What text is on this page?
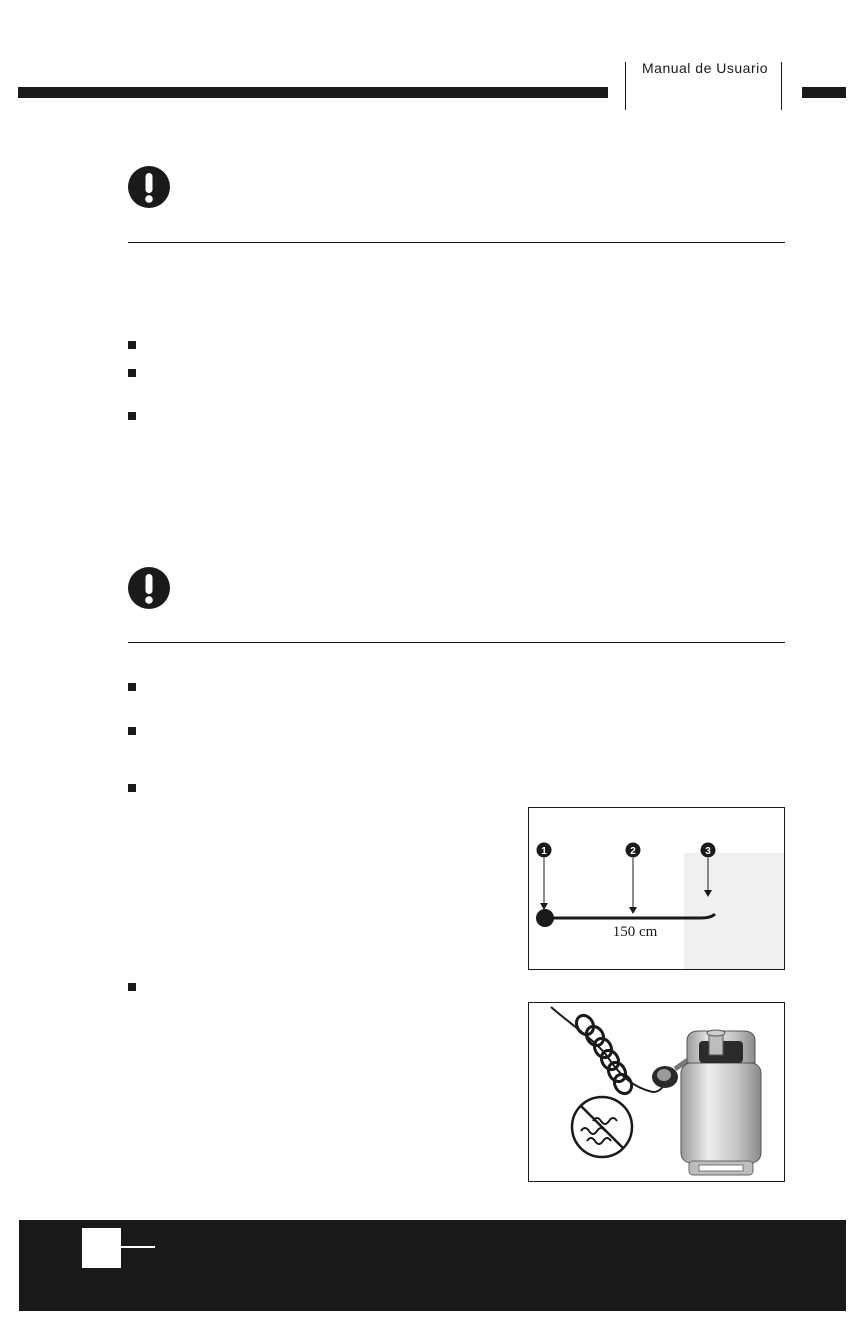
Manual de Usuario
1	2	3
150 cm
